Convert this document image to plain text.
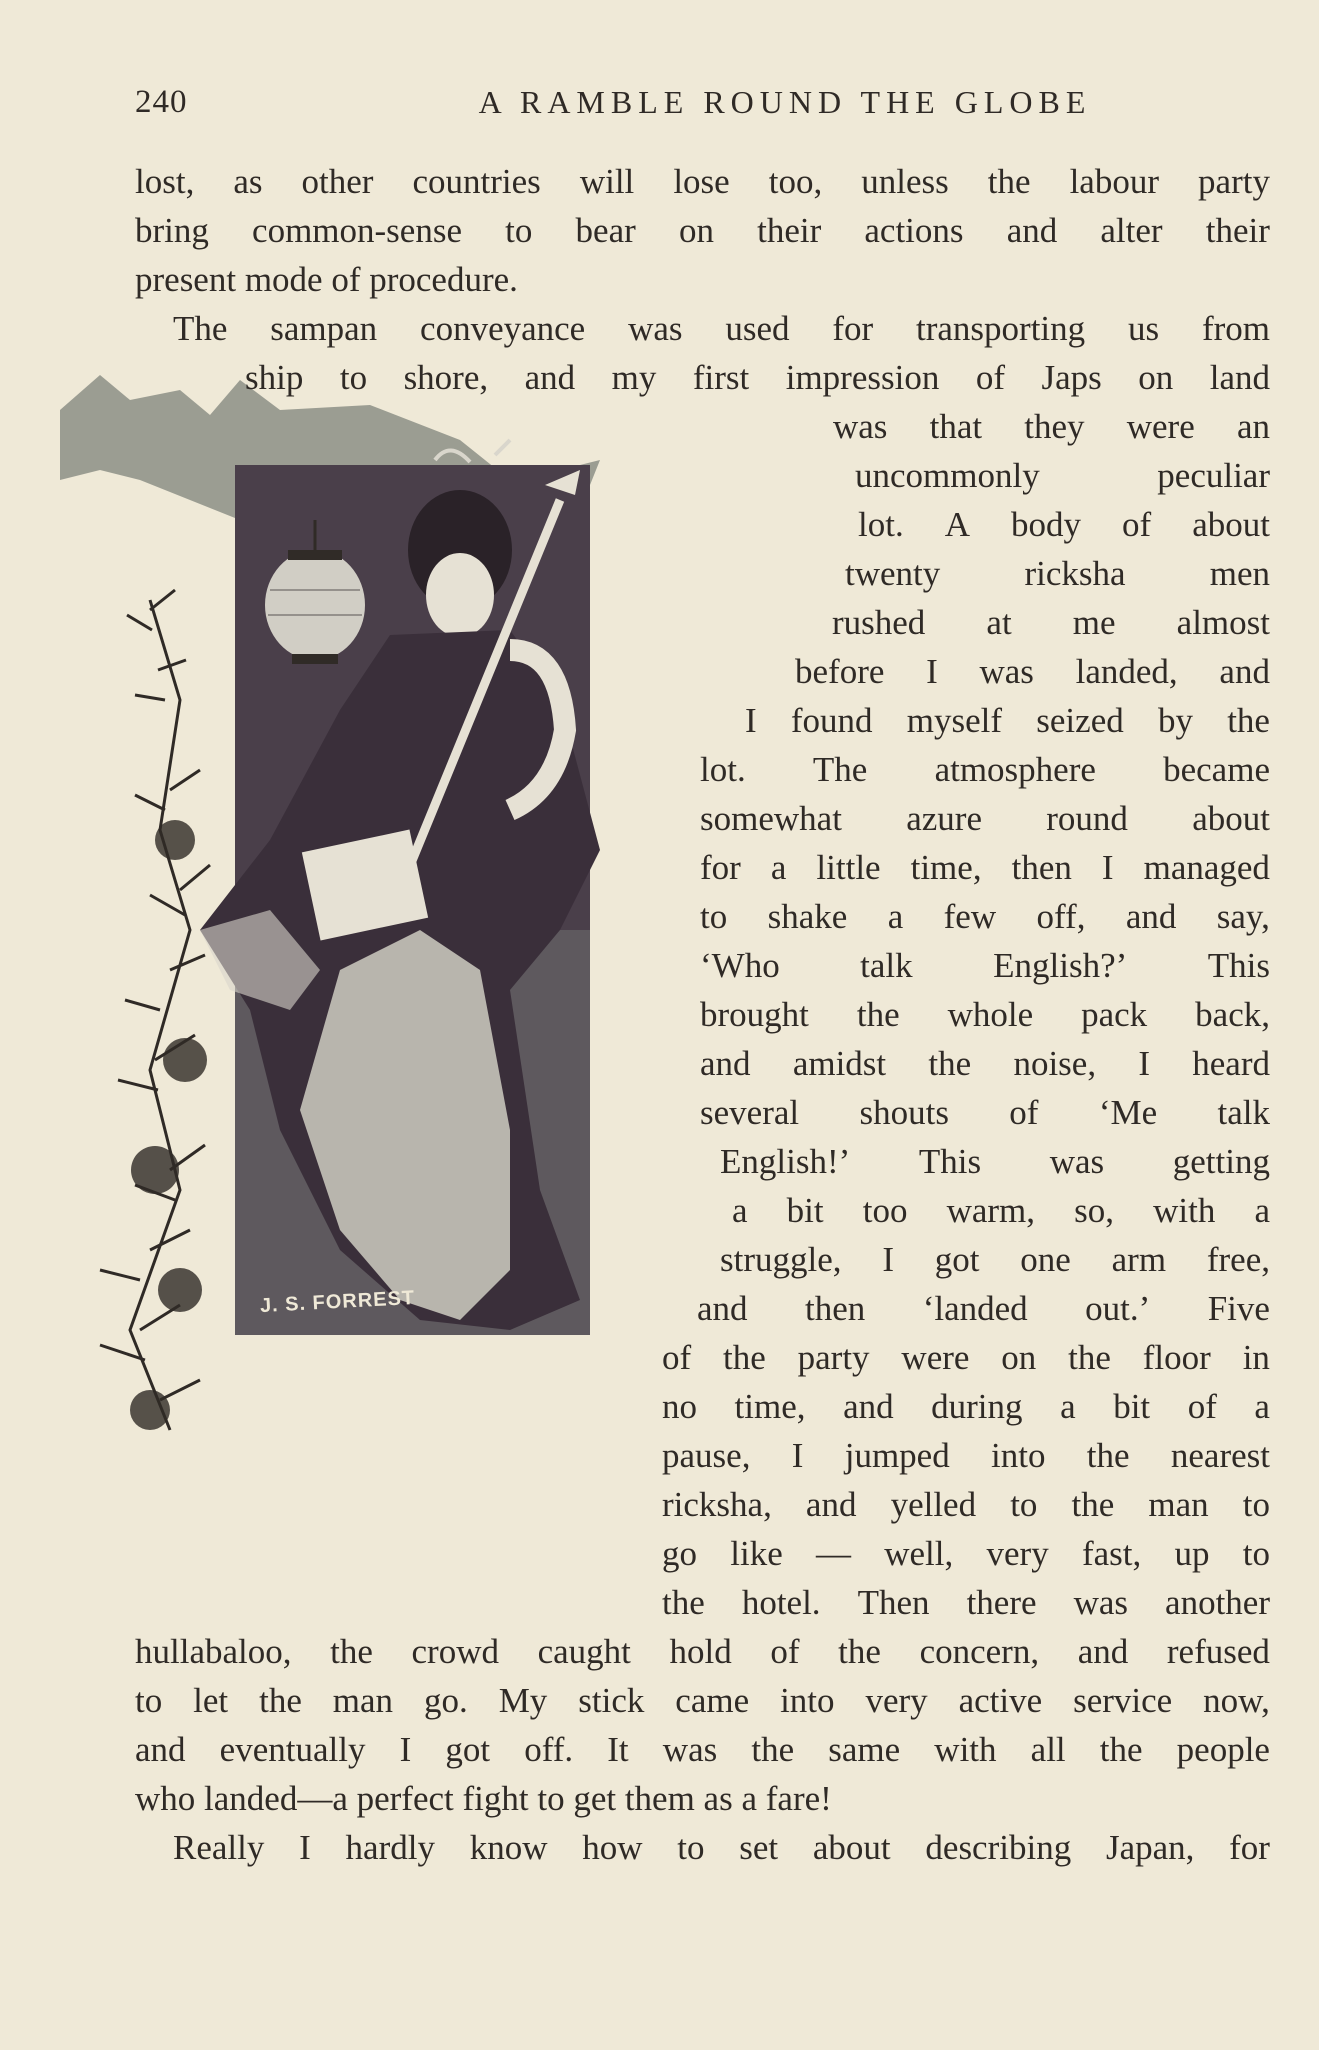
240	A RAMBLE ROUND THE GLOBE
J. S. FORREST
lost, as other countries will lose too, unless the labour party
bring common-sense to bear on their actions and alter their
present mode of procedure.
The sampan conveyance was used for transporting us from
ship to shore, and my first impression of Japs on land
was that they were an
uncommonly	peculiar
lot. A body of about
twenty ricksha men
rushed at me almost
before I was landed, and
I found myself seized by the
lot. The atmosphere became
somewhat azure round about
for a little time, then I managed
to shake a few off, and say,
‘Who talk English?’ This
brought the whole pack back,
and amidst the noise, I heard
several shouts of ‘Me talk
English!’ This was getting
a bit too warm, so, with a
struggle, I got one arm free,
and then ‘landed out.’ Five
of the party were on the floor in
no time, and during a bit of a
pause, I jumped into the nearest
ricksha, and yelled to the man to
go like — well, very fast, up to
the hotel. Then there was another
hullabaloo, the crowd caught hold of the concern, and refused
to let the man go. My stick came into very active service now,
and eventually I got off. It was the same with all the people
who landed—a perfect fight to get them as a fare!
Really I hardly know how to set about describing Japan, for
